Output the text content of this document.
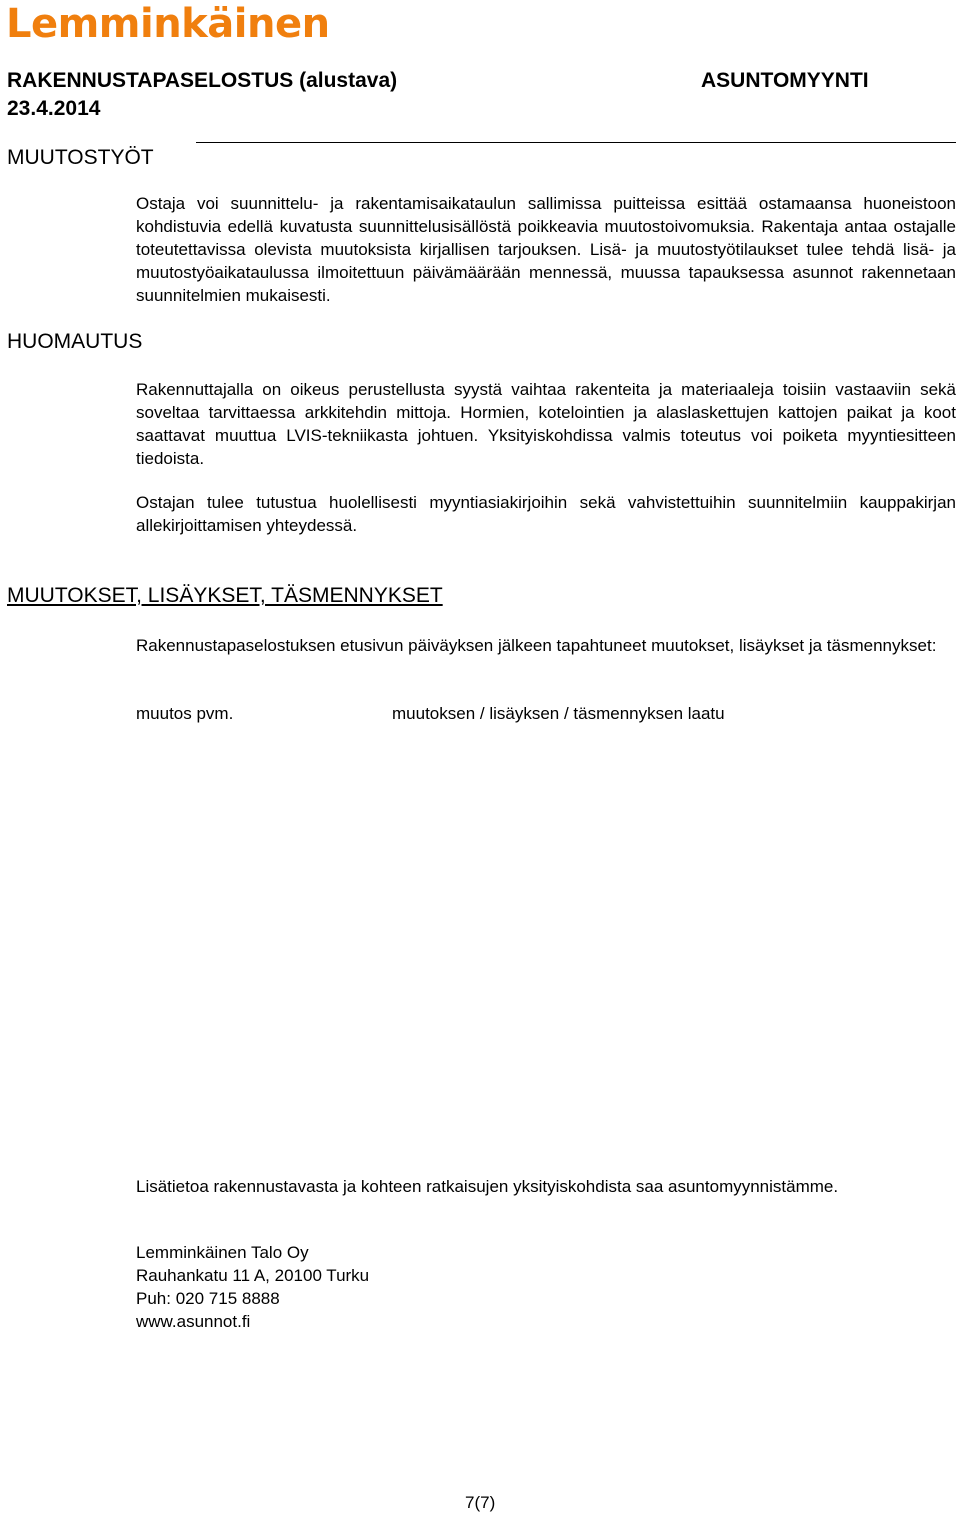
Lemminkäinen
RAKENNUSTAPASELOSTUS (alustava)
23.4.2014
ASUNTOMYYNTI
MUUTOSTYÖT

Ostaja voi suunnittelu- ja rakentamisaikataulun sallimissa puitteissa esittää ostamaansa huoneistoon kohdistuvia edellä kuvatusta suunnittelusisällöstä poikkeavia muutostoivomuksia. Rakentaja antaa ostajalle toteutettavissa olevista muutoksista kirjallisen tarjouksen. Lisä- ja muutostyötilaukset tulee tehdä lisä- ja muutostyöaikataulussa ilmoitettuun päivämäärään mennessä, muussa tapauksessa asunnot rakennetaan suunnitelmien mukaisesti.

HUOMAUTUS

Rakennuttajalla on oikeus perustellusta syystä vaihtaa rakenteita ja materiaaleja toisiin vastaaviin sekä soveltaa tarvittaessa arkkitehdin mittoja. Hormien, kotelointien ja alaslaskettujen kattojen paikat ja koot saattavat muuttua LVIS-tekniikasta johtuen. Yksityiskohdissa valmis toteutus voi poiketa myyntiesitteen tiedoista.

Ostajan tulee tutustua huolellisesti myyntiasiakirjoihin sekä vahvistettuihin suunnitelmiin kauppakirjan allekirjoittamisen yhteydessä.

MUUTOKSET, LISÄYKSET, TÄSMENNYKSET

Rakennustapaselostuksen etusivun päiväyksen jälkeen tapahtuneet muutokset, lisäykset ja täsmennykset:

muutos pvm.	muutoksen / lisäyksen / täsmennyksen laatu
Lisätietoa rakennustavasta ja kohteen ratkaisujen yksityiskohdista saa asuntomyynnistämme.
Lemminkäinen Talo Oy
Rauhankatu 11 A, 20100 Turku
Puh: 020 715 8888
www.asunnot.fi
7(7)
